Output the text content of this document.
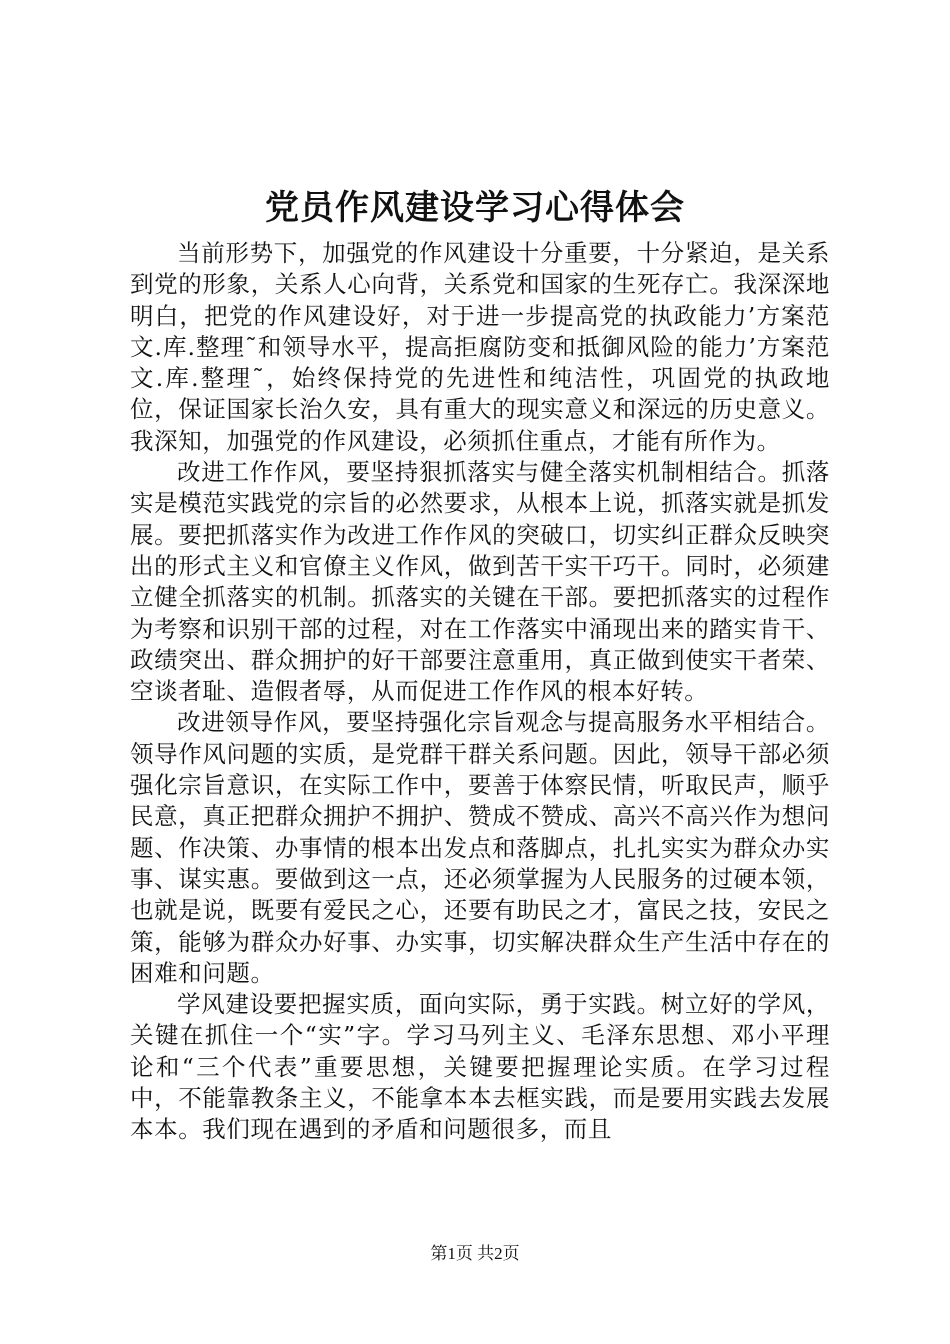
党员作风建设学习心得体会

当前形势下，加强党的作风建设十分重要，十分紧迫，是关系到党的形象，关系人心向背，关系党和国家的生死存亡。我深深地明白，把党的作风建设好，对于进一步提高党的执政能力’方案范文.库.整理˜和领导水平，提高拒腐防变和抵御风险的能力’方案范文.库.整理˜，始终保持党的先进性和纯洁性，巩固党的执政地位，保证国家长治久安，具有重大的现实意义和深远的历史意义。我深知，加强党的作风建设，必须抓住重点，才能有所作为。

改进工作作风，要坚持狠抓落实与健全落实机制相结合。抓落实是模范实践党的宗旨的必然要求，从根本上说，抓落实就是抓发展。要把抓落实作为改进工作作风的突破口，切实纠正群众反映突出的形式主义和官僚主义作风，做到苦干实干巧干。同时，必须建立健全抓落实的机制。抓落实的关键在干部。要把抓落实的过程作为考察和识别干部的过程，对在工作落实中涌现出来的踏实肯干、政绩突出、群众拥护的好干部要注意重用，真正做到使实干者荣、空谈者耻、造假者辱，从而促进工作作风的根本好转。

改进领导作风，要坚持强化宗旨观念与提高服务水平相结合。领导作风问题的实质，是党群干群关系问题。因此，领导干部必须强化宗旨意识，在实际工作中，要善于体察民情，听取民声，顺乎民意，真正把群众拥护不拥护、赞成不赞成、高兴不高兴作为想问题、作决策、办事情的根本出发点和落脚点，扎扎实实为群众办实事、谋实惠。要做到这一点，还必须掌握为人民服务的过硬本领，也就是说，既要有爱民之心，还要有助民之才，富民之技，安民之策，能够为群众办好事、办实事，切实解决群众生产生活中存在的困难和问题。

学风建设要把握实质，面向实际，勇于实践。树立好的学风，关键在抓住一个“实”字。学习马列主义、毛泽东思想、邓小平理论和“三个代表”重要思想，关键要把握理论实质。在学习过程中，不能靠教条主义，不能拿本本去框实践，而是要用实践去发展本本。我们现在遇到的矛盾和问题很多，而且

第1页 共2页
